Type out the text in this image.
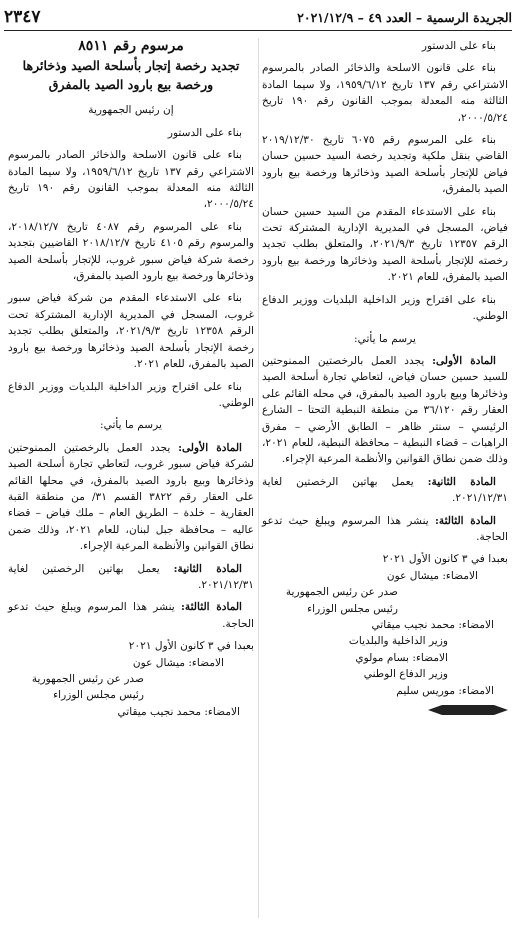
الجريدة الرسمية – العدد ٤٩ – ٢٠٢١/١٢/٩
٢٣٤٧

بناء على الدستور

بناء على قانون الاسلحة والذخائر الصادر بالمرسوم الاشتراعي رقم ١٣٧ تاريخ ١٩٥٩/٦/١٢، ولا سيما المادة الثالثة منه المعدلة بموجب القانون رقم ١٩٠ تاريخ ٢٠٠٠/٥/٢٤،

بناء على المرسوم رقم ٦٠٧٥ تاريخ ٢٠١٩/١٢/٣٠ القاضي بنقل ملكية وتجديد رخصة السيد حسين حسان فياض للإتجار بأسلحة الصيد وذخائرها ورخصة بيع بارود الصيد بالمفرق،

بناء على الاستدعاء المقدم من السيد حسين حسان فياض، المسجل في المديرية الإدارية المشتركة تحت الرقم ١٢٣٥٧ تاريخ ٢٠٢١/٩/٣، والمتعلق بطلب تجديد رخصته للإتجار بأسلحة الصيد وذخائرها ورخصة بيع بارود الصيد بالمفرق، للعام ٢٠٢١.

بناء على اقتراح وزير الداخلية البلديات ووزير الدفاع الوطني.

يرسم ما يأتي:

المادة الأولى: يجدد العمل بالرخصتين الممنوحتين للسيد حسين حسان فياض، لتعاطي تجارة أسلحة الصيد وذخائرها وبيع بارود الصيد بالمفرق، في محله القائم على العقار رقم ٣٦/١٢٠ من منطقة النبطية التحتا – الشارع الرئيسي – سنتر ظاهر – الطابق الأرضي – مفرق الراهبات – قضاء النبطية – محافظة النبطية، للعام ٢٠٢١، وذلك ضمن نطاق القوانين والأنظمة المرعية الإجراء.

المادة الثانية: يعمل بهاتين الرخصتين لغاية ٢٠٢١/١٢/٣١.

المادة الثالثة: ينشر هذا المرسوم ويبلغ حيث تدعو الحاجة.

بعبدا في ٣ كانون الأول ٢٠٢١

الامضاء: ميشال عون

صدر عن رئيس الجمهورية

رئيس مجلس الوزراء

الامضاء: محمد نجيب ميقاتي

وزير الداخلية والبلديات

الامضاء: بسام مولوي

وزير الدفاع الوطني

الامضاء: موريس سليم

مرسوم رقم ٨٥١١
تجديد رخصة إتجار بأسلحة الصيد وذخائرها ورخصة بيع بارود الصيد بالمفرق

إن رئيس الجمهورية

بناء على الدستور

بناء على قانون الاسلحة والذخائر الصادر بالمرسوم الاشتراعي رقم ١٣٧ تاريخ ١٩٥٩/٦/١٢، ولا سيما المادة الثالثة منه المعدلة بموجب القانون رقم ١٩٠ تاريخ ٢٠٠٠/٥/٢٤،

بناء على المرسوم رقم ٤٠٨٧ تاريخ ٢٠١٨/١٢/٧، والمرسوم رقم ٤١٠٥ تاريخ ٢٠١٨/١٢/٧ القاضيين بتجديد رخصة شركة فياض سبور غروب، للإتجار بأسلحة الصيد وذخائرها ورخصة بيع بارود الصيد بالمفرق،

بناء على الاستدعاء المقدم من شركة فياض سبور غروب، المسجل في المديرية الإدارية المشتركة تحت الرقم ١٢٣٥٨ تاريخ ٢٠٢١/٩/٣، والمتعلق بطلب تجديد رخصة الإتجار بأسلحة الصيد وذخائرها ورخصة بيع بارود الصيد بالمفرق، للعام ٢٠٢١.

بناء على اقتراح وزير الداخلية البلديات ووزير الدفاع الوطني.

يرسم ما يأتي:

المادة الأولى: يجدد العمل بالرخصتين الممنوحتين لشركة فياض سبور غروب، لتعاطي تجارة أسلحة الصيد وذخائرها وبيع بارود الصيد بالمفرق، في محلها القائم على العقار رقم ٣٨٢٢ القسم ٣١/ من منطقة القبة العقارية – خلدة – الطريق العام – ملك فياض – قضاء عاليه – محافظة جبل لبنان، للعام ٢٠٢١، وذلك ضمن نطاق القوانين والأنظمة المرعية الإجراء.

المادة الثانية: يعمل بهاتين الرخصتين لغاية ٢٠٢١/١٢/٣١.

المادة الثالثة: ينشر هذا المرسوم ويبلغ حيث تدعو الحاجة.

بعبدا في ٣ كانون الأول ٢٠٢١

الامضاء: ميشال عون

صدر عن رئيس الجمهورية

رئيس مجلس الوزراء

الامضاء: محمد نجيب ميقاتي
